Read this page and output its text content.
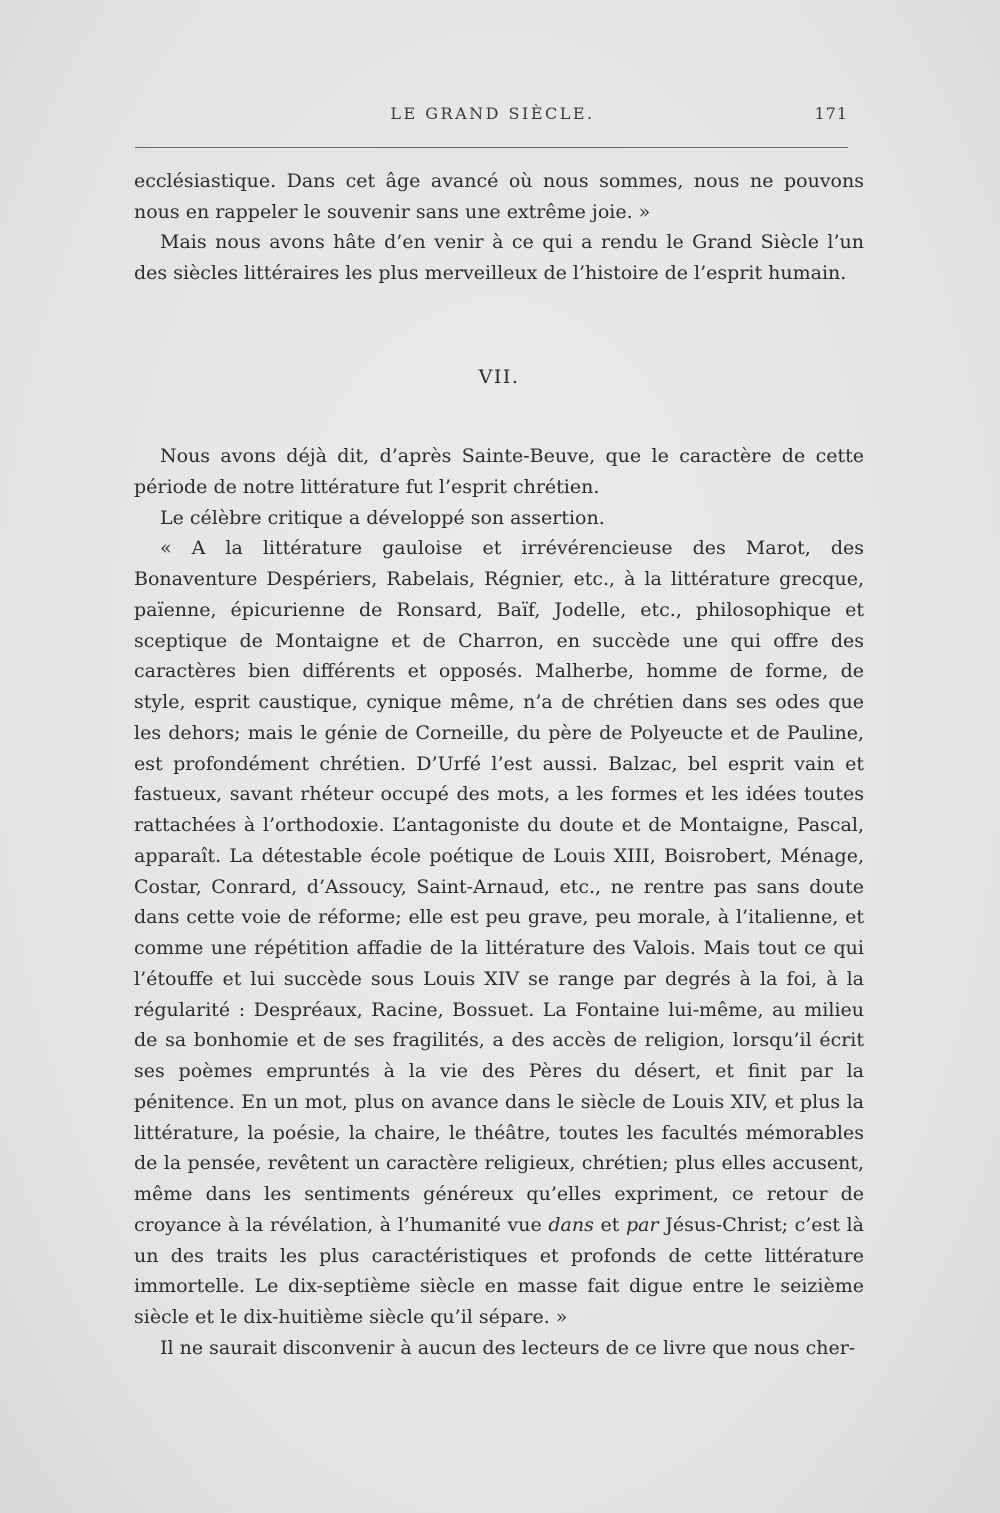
LE GRAND SIÈCLE.	171

ecclésiastique. Dans cet âge avancé où nous sommes, nous ne pouvons nous en rappeler le souvenir sans une extrême joie. »

Mais nous avons hâte d’en venir à ce qui a rendu le Grand Siècle l’un des siècles littéraires les plus merveilleux de l’histoire de l’esprit humain.

VII.

Nous avons déjà dit, d’après Sainte-Beuve, que le caractère de cette période de notre littérature fut l’esprit chrétien.

Le célèbre critique a développé son assertion.

« A la littérature gauloise et irrévérencieuse des Marot, des Bonaventure Despériers, Rabelais, Régnier, etc., à la littérature grecque, païenne, épicurienne de Ronsard, Baïf, Jodelle, etc., philosophique et sceptique de Montaigne et de Charron, en succède une qui offre des caractères bien différents et opposés. Malherbe, homme de forme, de style, esprit caustique, cynique même, n’a de chrétien dans ses odes que les dehors; mais le génie de Corneille, du père de Polyeucte et de Pauline, est profondément chrétien. D’Urfé l’est aussi. Balzac, bel esprit vain et fastueux, savant rhéteur occupé des mots, a les formes et les idées toutes rattachées à l’orthodoxie. L’antagoniste du doute et de Montaigne, Pascal, apparaît. La détestable école poétique de Louis XIII, Boisrobert, Ménage, Costar, Conrard, d’Assoucy, Saint-Arnaud, etc., ne rentre pas sans doute dans cette voie de réforme; elle est peu grave, peu morale, à l’italienne, et comme une répétition affadie de la littérature des Valois. Mais tout ce qui l’étouffe et lui succède sous Louis XIV se range par degrés à la foi, à la régularité : Despréaux, Racine, Bossuet. La Fontaine lui-même, au milieu de sa bonhomie et de ses fragilités, a des accès de religion, lorsqu’il écrit ses poèmes empruntés à la vie des Pères du désert, et finit par la pénitence. En un mot, plus on avance dans le siècle de Louis XIV, et plus la littérature, la poésie, la chaire, le théâtre, toutes les facultés mémorables de la pensée, revêtent un caractère religieux, chrétien; plus elles accusent, même dans les sentiments généreux qu’elles expriment, ce retour de croyance à la révélation, à l’humanité vue dans et par Jésus-Christ; c’est là un des traits les plus caractéristiques et profonds de cette littérature immortelle. Le dix-septième siècle en masse fait digue entre le seizième siècle et le dix-huitième siècle qu’il sépare. »

Il ne saurait disconvenir à aucun des lecteurs de ce livre que nous cher-
